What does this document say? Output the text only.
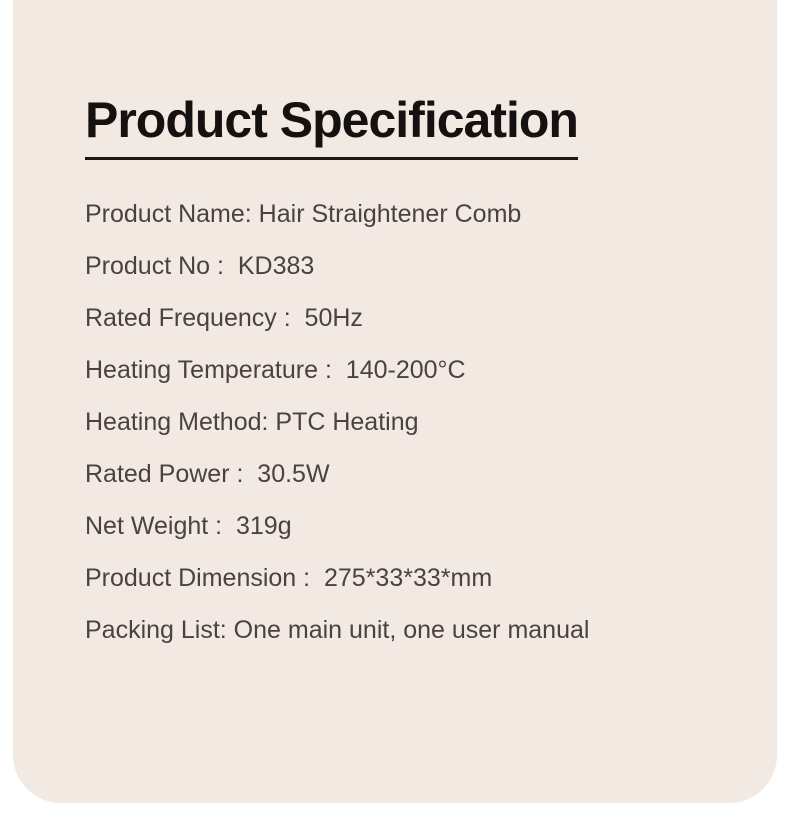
Product Specification
Product Name: Hair Straightener Comb
Product No :  KD383
Rated Frequency :  50Hz
Heating Temperature :  140-200°C
Heating Method: PTC Heating
Rated Power :  30.5W
Net Weight :  319g
Product Dimension :  275*33*33*mm
Packing List: One main unit, one user manual
